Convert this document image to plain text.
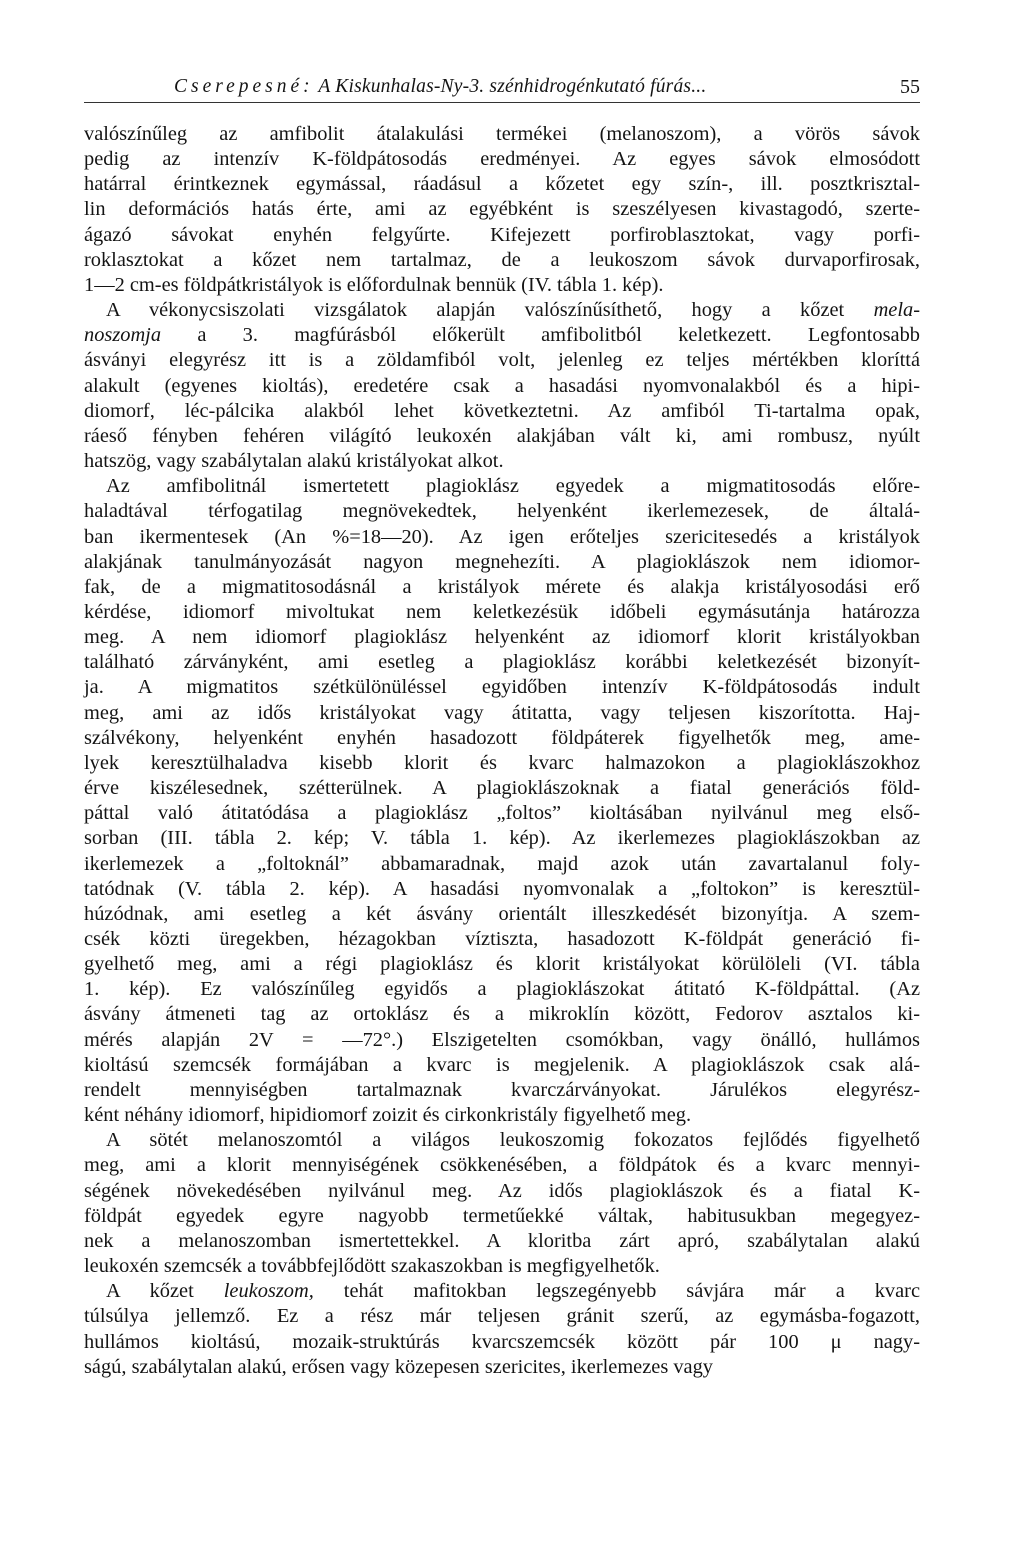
Cserepesné: A Kiskunhalas-Ny-3. szénhidrogénkutató fúrás...	55

valószínűleg az amfibolit átalakulási termékei (melanoszom), a vörös sávok
pedig az intenzív K-földpátosodás eredményei. Az egyes sávok elmosódott
határral érintkeznek egymással, ráadásul a kőzetet egy szín-, ill. posztkrisztal-
lin deformációs hatás érte, ami az egyébként is szeszélyesen kivastagodó, szerte-
ágazó sávokat enyhén felgyűrte. Kifejezett porfiroblasztokat, vagy porfi-
roklasztokat a kőzet nem tartalmaz, de a leukoszom sávok durvaporfirosak,
1—2 cm-es földpátkristályok is előfordulnak bennük (IV. tábla 1. kép).

A vékonycsiszolati vizsgálatok alapján valószínűsíthető, hogy a kőzet mela-
noszomja a 3. magfúrásból előkerült amfibolitból keletkezett. Legfontosabb
ásványi elegyrész itt is a zöldamfiból volt, jelenleg ez teljes mértékben kloríttá
alakult (egyenes kioltás), eredetére csak a hasadási nyomvonalakból és a hipi-
diomorf, léc-pálcika alakból lehet következtetni. Az amfiból Ti-tartalma opak,
ráeső fényben fehéren világító leukoxén alakjában vált ki, ami rombusz, nyúlt
hatszög, vagy szabálytalan alakú kristályokat alkot.

Az amfibolitnál ismertetett plagioklász egyedek a migmatitosodás előre-
haladtával térfogatilag megnövekedtek, helyenként ikerlemezesek, de általá-
ban ikermentesek (An %=18—20). Az igen erőteljes szericitesedés a kristályok
alakjának tanulmányozását nagyon megnehezíti. A plagioklászok nem idiomor-
fak, de a migmatitosodásnál a kristályok mérete és alakja kristályosodási erő
kérdése, idiomorf mivoltukat nem keletkezésük időbeli egymásutánja határozza
meg. A nem idiomorf plagioklász helyenként az idiomorf klorit kristályokban
található zárványként, ami esetleg a plagioklász korábbi keletkezését bizonyít-
ja. A migmatitos szétkülönüléssel egyidőben intenzív K-földpátosodás indult
meg, ami az idős kristályokat vagy átitatta, vagy teljesen kiszorította. Haj-
szálvékony, helyenként enyhén hasadozott földpáterek figyelhetők meg, ame-
lyek keresztülhaladva kisebb klorit és kvarc halmazokon a plagioklászokhoz
érve kiszélesednek, szétterülnek. A plagioklászoknak a fiatal generációs föld-
páttal való átitatódása a plagioklász „foltos” kioltásában nyilvánul meg első-
sorban (III. tábla 2. kép; V. tábla 1. kép). Az ikerlemezes plagioklászokban az
ikerlemezek a „foltoknál” abbamaradnak, majd azok után zavartalanul foly-
tatódnak (V. tábla 2. kép). A hasadási nyomvonalak a „foltokon” is keresztül-
húzódnak, ami esetleg a két ásvány orientált illeszkedését bizonyítja. A szem-
csék közti üregekben, hézagokban víztiszta, hasadozott K-földpát generáció fi-
gyelhető meg, ami a régi plagioklász és klorit kristályokat körülöleli (VI. tábla
1. kép). Ez valószínűleg egyidős a plagioklászokat átitató K-földpáttal. (Az
ásvány átmeneti tag az ortoklász és a mikroklín között, Fedorov asztalos ki-
mérés alapján 2V = —72°.) Elszigetelten csomókban, vagy önálló, hullámos
kioltású szemcsék formájában a kvarc is megjelenik. A plagioklászok csak alá-
rendelt mennyiségben tartalmaznak kvarczárványokat. Járulékos elegyrész-
ként néhány idiomorf, hipidiomorf zoizit és cirkonkristály figyelhető meg.

A sötét melanoszomtól a világos leukoszomig fokozatos fejlődés figyelhető
meg, ami a klorit mennyiségének csökkenésében, a földpátok és a kvarc mennyi-
ségének növekedésében nyilvánul meg. Az idős plagioklászok és a fiatal K-
földpát egyedek egyre nagyobb termetűekké váltak, habitusukban megegyez-
nek a melanoszomban ismertettekkel. A kloritba zárt apró, szabálytalan alakú
leukoxén szemcsék a továbbfejlődött szakaszokban is megfigyelhetők.

A kőzet leukoszom, tehát mafitokban legszegényebb sávjára már a kvarc
túlsúlya jellemző. Ez a rész már teljesen gránit szerű, az egymásba-fogazott,
hullámos kioltású, mozaik-struktúrás kvarcszemcsék között pár 100 μ nagy-
ságú, szabálytalan alakú, erősen vagy közepesen szericites, ikerlemezes vagy
